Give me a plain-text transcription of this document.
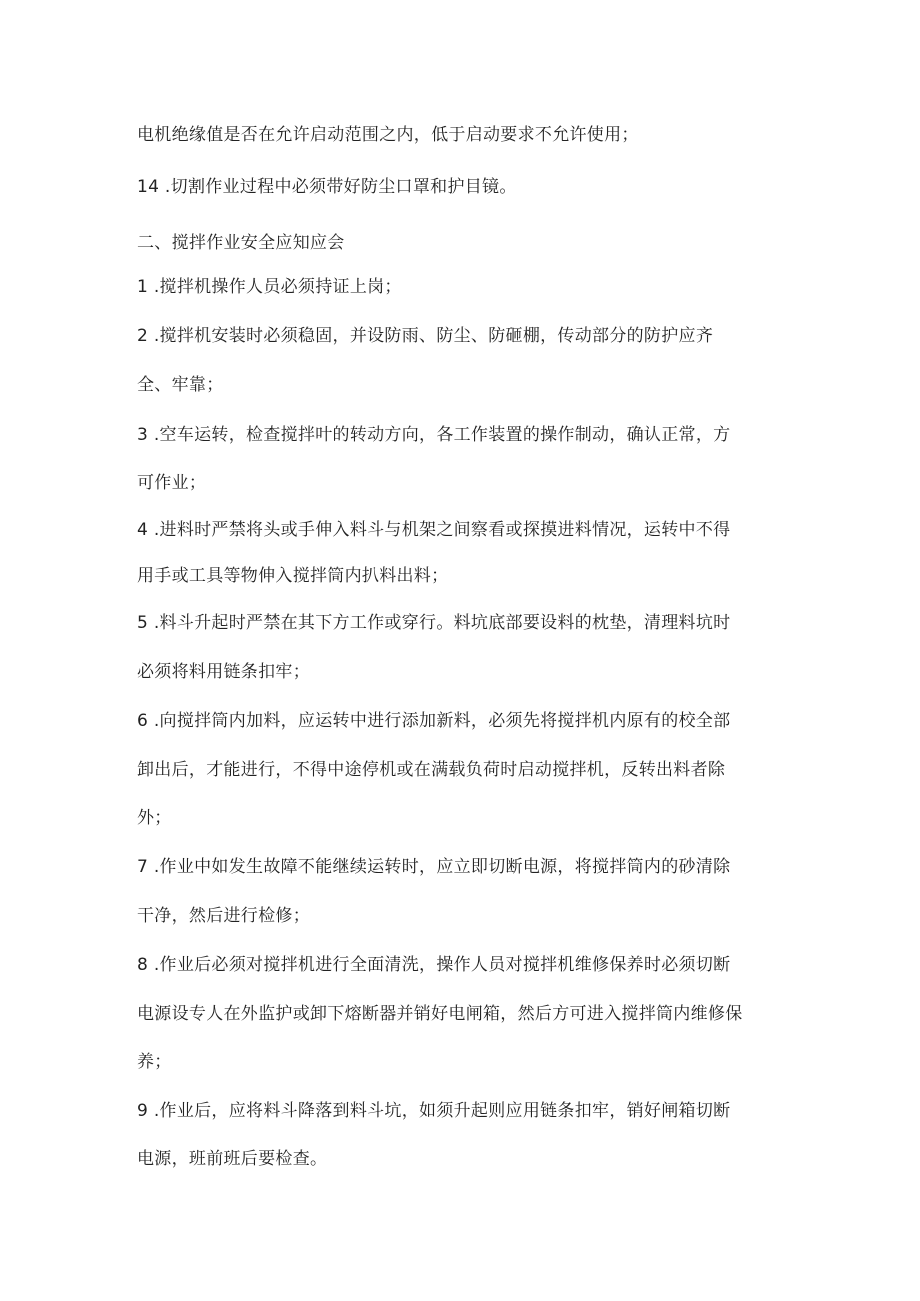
电机绝缘值是否在允许启动范围之内，低于启动要求不允许使用；
14 .切割作业过程中必须带好防尘口罩和护目镜。
二、搅拌作业安全应知应会
1 .搅拌机操作人员必须持证上岗；
2 .搅拌机安装时必须稳固，并设防雨、防尘、防砸棚，传动部分的防护应齐
全、牢靠；
3 .空车运转，检查搅拌叶的转动方向，各工作装置的操作制动，确认正常，方
可作业；
4 .进料时严禁将头或手伸入料斗与机架之间察看或探摸进料情况，运转中不得
用手或工具等物伸入搅拌筒内扒料出料；
5 .料斗升起时严禁在其下方工作或穿行。料坑底部要设料的枕垫，清理料坑时
必须将料用链条扣牢；
6 .向搅拌筒内加料，应运转中进行添加新料，必须先将搅拌机内原有的校全部
卸出后，才能进行，不得中途停机或在满载负荷时启动搅拌机，反转出料者除
外；
7 .作业中如发生故障不能继续运转时，应立即切断电源，将搅拌筒内的砂清除
干净，然后进行检修；
8 .作业后必须对搅拌机进行全面清洗，操作人员对搅拌机维修保养时必须切断
电源设专人在外监护或卸下熔断器并销好电闸箱，然后方可进入搅拌筒内维修保
养；
9 .作业后，应将料斗降落到料斗坑，如须升起则应用链条扣牢，销好闸箱切断
电源，班前班后要检查。
